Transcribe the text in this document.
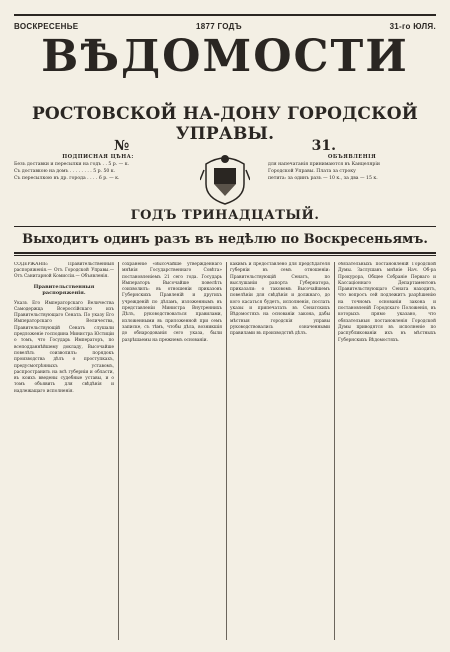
ВОСКРЕСЕНЬЕ	1877 ГОДЪ	31-го ЮЛЯ.
ВѢДОМОСТИ
РОСТОВСКОЙ НА-ДОНУ ГОРОДСКОЙ УПРАВЫ.
№	31.
ПОДПИСНАЯ ЦѢНА:
Безъ доставки и пересылки на годъ . . 5 р. — к.
Съ доставкою на домъ . . . . . . . . 5 р. 50 к.
Съ пересылкою въ др. города . . . . 6 р. — к.
ОБЪЯВЛЕНІЯ
для напечатанія принимаются въ Канцеляріи
Городской Управы. Плата за строку
петита: за одинъ разъ — 10 к., за два — 15 к.
ГОДЪ ТРИНАДЦАТЫЙ.
Выходитъ одинъ разъ въ недѣлю по Воскресеньямъ.

СОДЕРЖАНІЕ: Правительственныя распоряженія.— Отъ Городской Управы.— Отъ Санитарной Комиссіи.— Объявленія.

Правительственныя распоряженія.

Указъ Его Императорскаго Величества Самодержца Всероссійскаго изъ Правительствующаго Сената. По указу Его Императорскаго Величества, Правительствующій Сенатъ слушали предложеніе господина Министра Юстиціи о томъ, что Государь Императоръ, по всеподданнѣйшему докладу, Высочайше повелѣть соизволилъ: порядокъ производства дѣлъ о проступкахъ, предусмотрѣнныхъ уставомъ, распространить на всѣ губерніи и области, въ коихъ введены судебные уставы, и о томъ объявить для свѣдѣнія и надлежащаго исполненія.

сохраненіе «Высочайше утвержденнаго мнѣнія Государственнаго Совѣта» постановленіемъ 21 сего года. Государь Императоръ Высочайше повелѣть соизволилъ: въ отношеніи приказовъ Губернскихъ Правленій и другихъ учрежденій по дѣламъ, изложеннымъ въ представленіи Министра Внутреннихъ Дѣлъ, руководствоваться правилами, изложенными въ приложенной при семъ записке, съ тѣмъ, чтобы дѣла, возникшія до обнародованія сего указа, были разрѣшаемы на прежнемъ основаніи.

какимъ и предоставлено для предсѣдателя губерніи въ семъ отношеніи: Правительствующій Сенатъ, по выслушаніи рапорта Губернатора, приказали: о таковомъ Высочайшемъ повелѣніи для свѣдѣнія и должнаго, до кого касаться будетъ, исполненія, послать указы и припечатать въ Сенатскихъ Вѣдомостяхъ на основаніи закона, дабы мѣстныя городскія управы руководствовались означенными правилами въ производствѣ дѣлъ.

обязательныхъ постановленій Городской Думы. Заслушавъ мнѣніе Нач. Об-ра Прокурора, Общее Собраніе Перваго и Кассаціоннаго Департаментовъ Правительствующаго Сената находитъ, что вопросъ сей подлежитъ разрѣшенію на точномъ основаніи закона и постановленій Городскаго Положенія, въ которыхъ прямо указано, что обязательныя постановленія Городской Думы приводятся въ исполненіе по распубликованіи ихъ въ мѣстныхъ Губернскихъ Вѣдомостяхъ.
